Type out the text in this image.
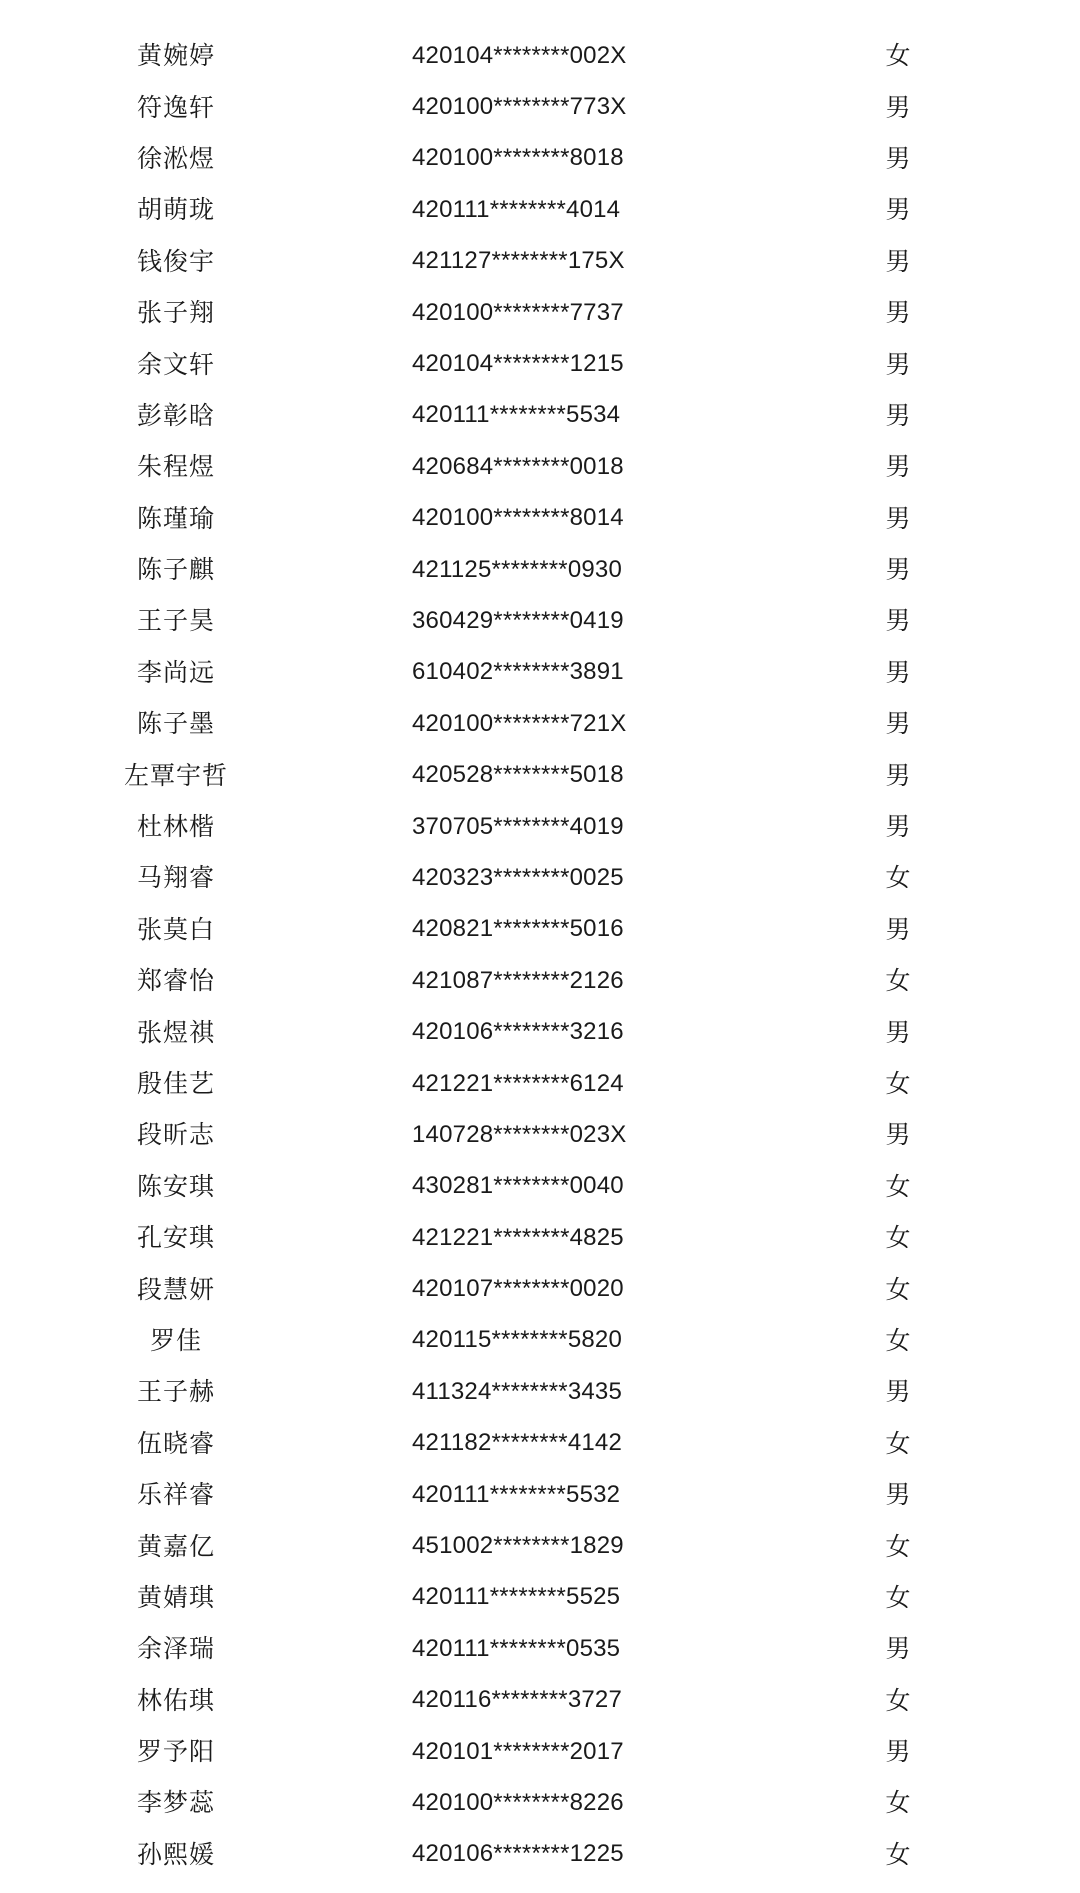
黄婉婷	420104********002X	女
符逸轩	420100********773X	男
徐淞煜	420100********8018	男
胡萌珑	420111********4014	男
钱俊宇	421127********175X	男
张子翔	420100********7737	男
余文轩	420104********1215	男
彭彰晗	420111********5534	男
朱程煜	420684********0018	男
陈瑾瑜	420100********8014	男
陈子麒	421125********0930	男
王子昊	360429********0419	男
李尚远	610402********3891	男
陈子墨	420100********721X	男
左覃宇哲	420528********5018	男
杜林楷	370705********4019	男
马翔睿	420323********0025	女
张莫白	420821********5016	男
郑睿怡	421087********2126	女
张煜祺	420106********3216	男
殷佳艺	421221********6124	女
段昕志	140728********023X	男
陈安琪	430281********0040	女
孔安琪	421221********4825	女
段慧妍	420107********0020	女
罗佳	420115********5820	女
王子赫	411324********3435	男
伍晓睿	421182********4142	女
乐祥睿	420111********5532	男
黄嘉亿	451002********1829	女
黄婧琪	420111********5525	女
余泽瑞	420111********0535	男
林佑琪	420116********3727	女
罗予阳	420101********2017	男
李梦蕊	420100********8226	女
孙熙媛	420106********1225	女
